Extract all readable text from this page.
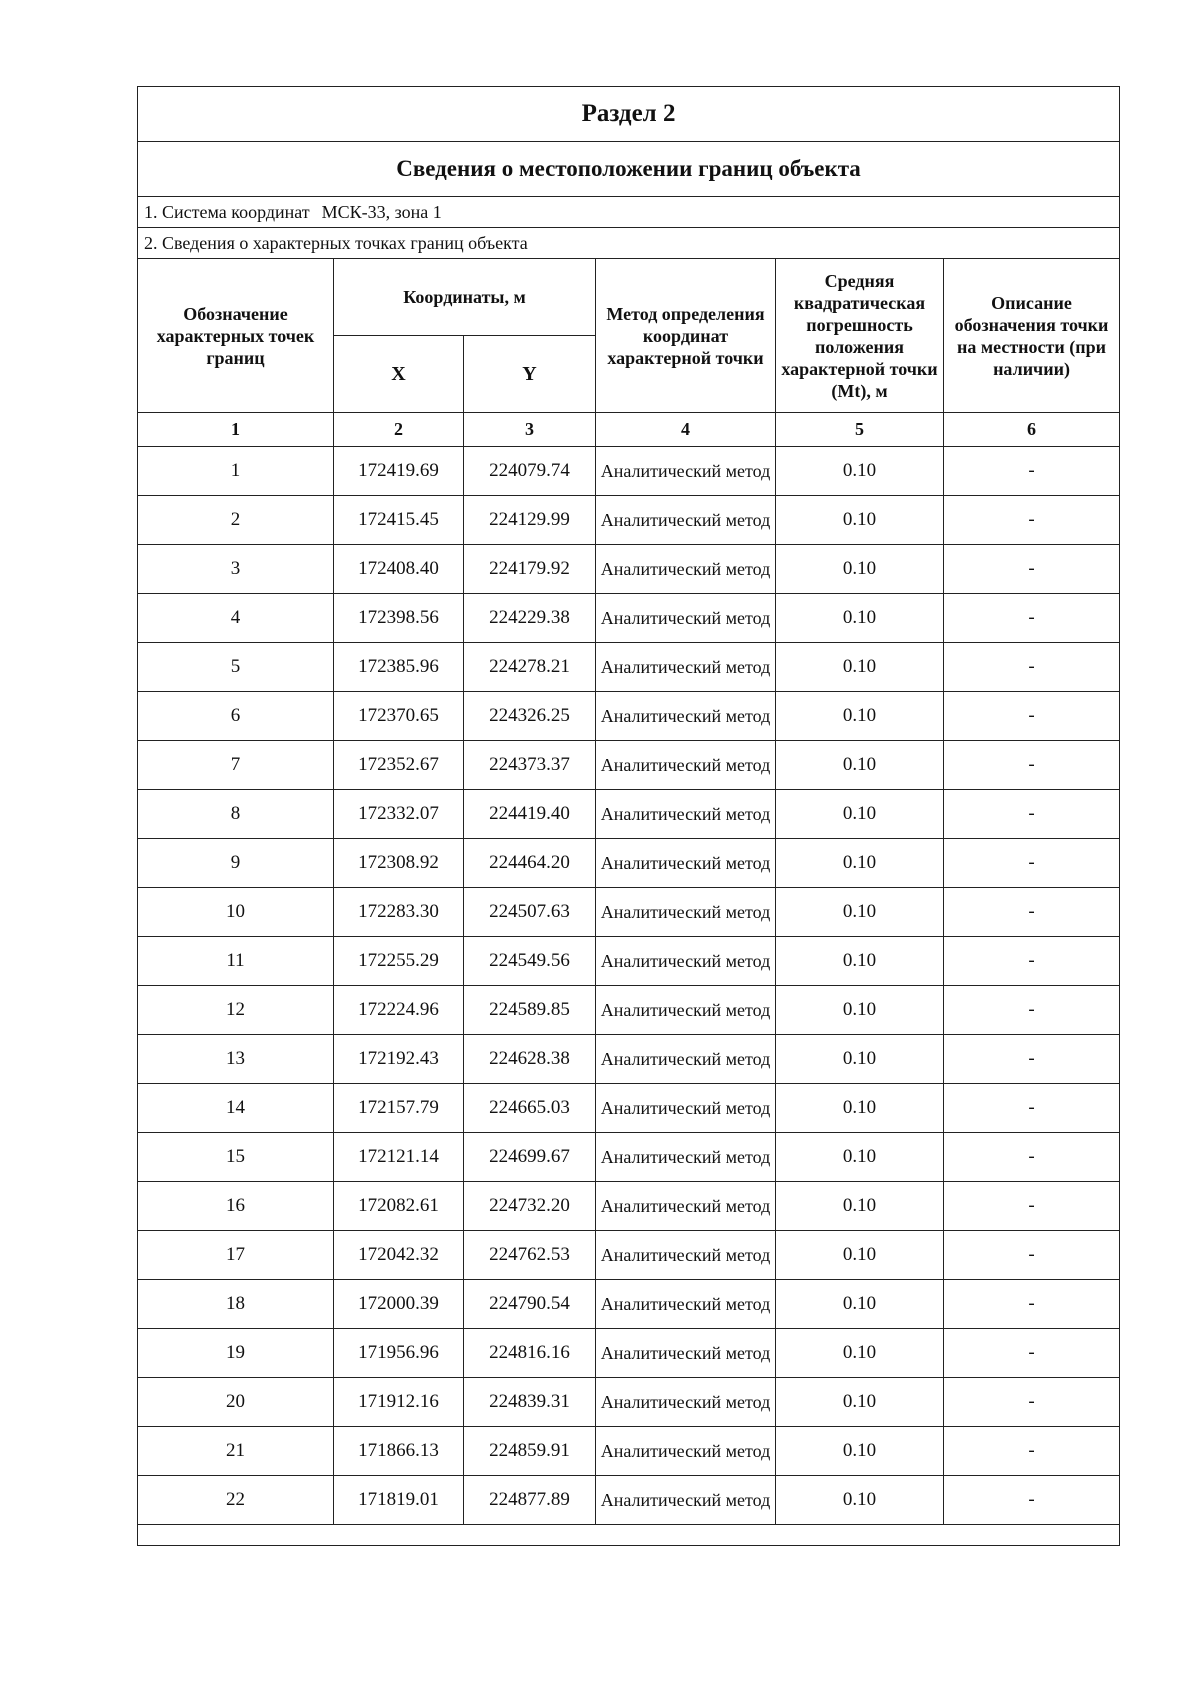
Раздел 2					
Сведения о местоположении границ объекта					
1. Система координат МСК-33, зона 1					
2. Сведения о характерных точках границ объекта					
Обозначение характерных точек границ	Координаты, м		Метод определения координат характерной точки	Средняя квадратическая погрешность положения характерной точки (Mt), м	Описание обозначения точки на местности (при наличии)
	X	Y			
1	2	3	4	5	6
1	172419.69	224079.74	Аналитический метод	0.10	-
2	172415.45	224129.99	Аналитический метод	0.10	-
3	172408.40	224179.92	Аналитический метод	0.10	-
4	172398.56	224229.38	Аналитический метод	0.10	-
5	172385.96	224278.21	Аналитический метод	0.10	-
6	172370.65	224326.25	Аналитический метод	0.10	-
7	172352.67	224373.37	Аналитический метод	0.10	-
8	172332.07	224419.40	Аналитический метод	0.10	-
9	172308.92	224464.20	Аналитический метод	0.10	-
10	172283.30	224507.63	Аналитический метод	0.10	-
11	172255.29	224549.56	Аналитический метод	0.10	-
12	172224.96	224589.85	Аналитический метод	0.10	-
13	172192.43	224628.38	Аналитический метод	0.10	-
14	172157.79	224665.03	Аналитический метод	0.10	-
15	172121.14	224699.67	Аналитический метод	0.10	-
16	172082.61	224732.20	Аналитический метод	0.10	-
17	172042.32	224762.53	Аналитический метод	0.10	-
18	172000.39	224790.54	Аналитический метод	0.10	-
19	171956.96	224816.16	Аналитический метод	0.10	-
20	171912.16	224839.31	Аналитический метод	0.10	-
21	171866.13	224859.91	Аналитический метод	0.10	-
22	171819.01	224877.89	Аналитический метод	0.10	-
